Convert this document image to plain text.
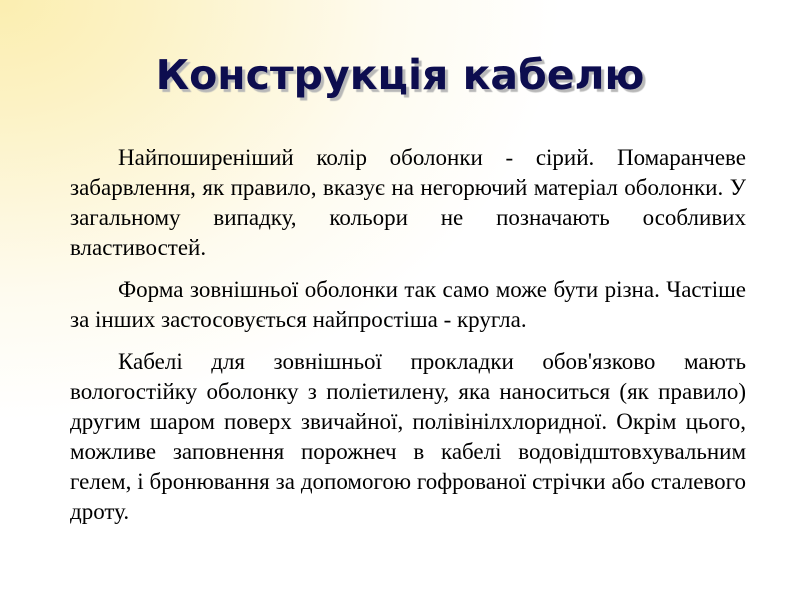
Конструкція кабелю

Найпоширеніший колір оболонки - сірий. Помаранчеве забарвлення, як правило, вказує на негорючий матеріал оболонки. У загальному випадку, кольори не позначають особливих властивостей.

Форма зовнішньої оболонки так само може бути різна. Частіше за інших застосовується найпростіша - кругла.

Кабелі для зовнішньої прокладки обов'язково мають вологостійку оболонку з поліетилену, яка наноситься (як правило) другим шаром поверх звичайної, полівінілхлоридної. Окрім цього, можливе заповнення порожнеч в кабелі водовідштовхувальним гелем, і бронювання за допомогою гофрованої стрічки або сталевого дроту.
